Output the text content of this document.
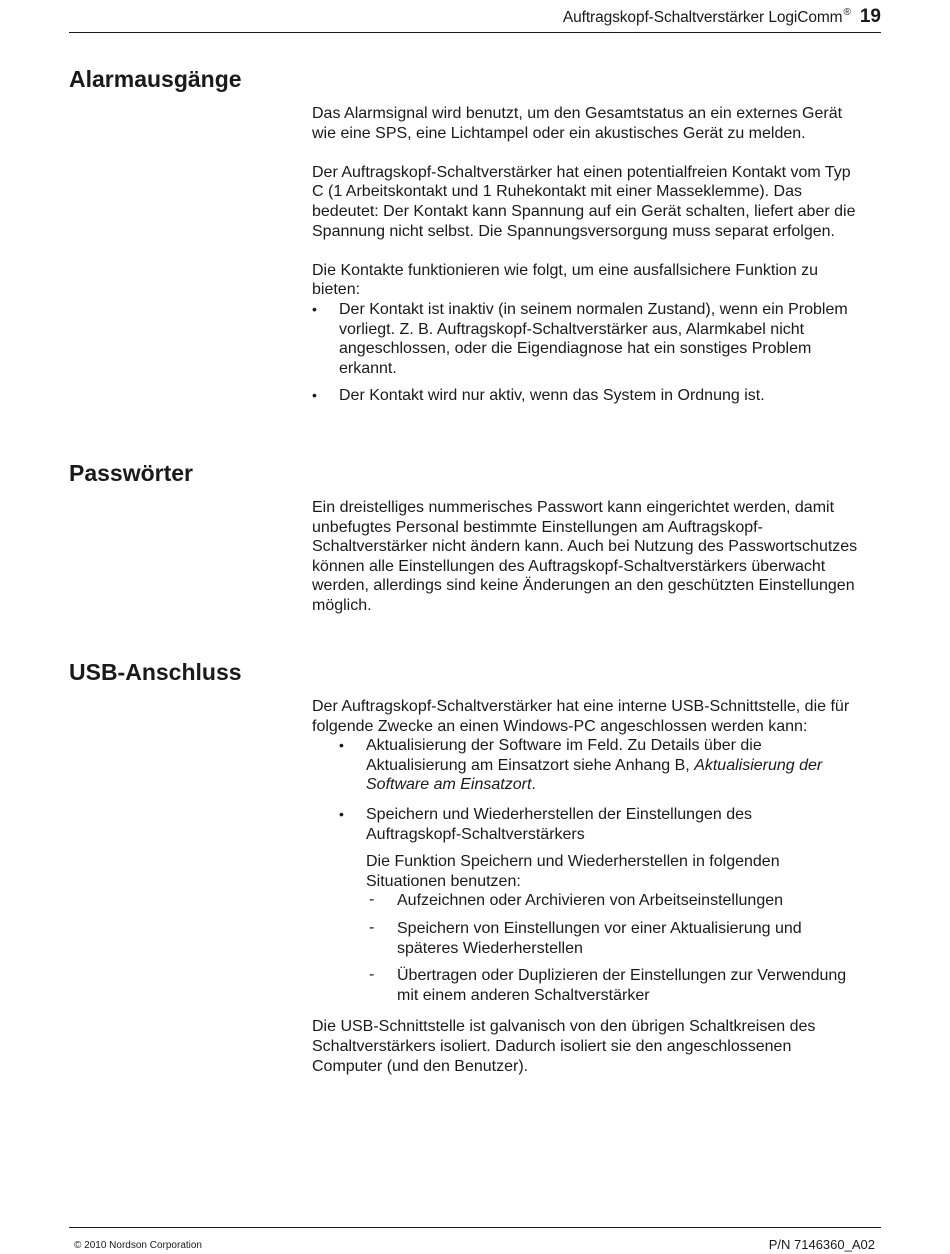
Auftragskopf-Schaltverstärker LogiComm® 19
Alarmausgänge

Das Alarmsignal wird benutzt, um den Gesamtstatus an ein externes Gerät
wie eine SPS, eine Lichtampel oder ein akustisches Gerät zu melden.

Der Auftragskopf-Schaltverstärker hat einen potentialfreien Kontakt vom Typ
C (1 Arbeitskontakt und 1 Ruhekontakt mit einer Masseklemme). Das
bedeutet: Der Kontakt kann Spannung auf ein Gerät schalten, liefert aber die
Spannung nicht selbst. Die Spannungsversorgung muss separat erfolgen.

Die Kontakte funktionieren wie folgt, um eine ausfallsichere Funktion zu
bieten:

• Der Kontakt ist inaktiv (in seinem normalen Zustand), wenn ein Problem
vorliegt. Z. B. Auftragskopf-Schaltverstärker aus, Alarmkabel nicht
angeschlossen, oder die Eigendiagnose hat ein sonstiges Problem
erkannt.
• Der Kontakt wird nur aktiv, wenn das System in Ordnung ist.
Passwörter

Ein dreistelliges nummerisches Passwort kann eingerichtet werden, damit
unbefugtes Personal bestimmte Einstellungen am Auftragskopf-
Schaltverstärker nicht ändern kann. Auch bei Nutzung des Passwortschutzes
können alle Einstellungen des Auftragskopf-Schaltverstärkers überwacht
werden, allerdings sind keine Änderungen an den geschützten Einstellungen
möglich.

USB-Anschluss

Der Auftragskopf-Schaltverstärker hat eine interne USB-Schnittstelle, die für
folgende Zwecke an einen Windows-PC angeschlossen werden kann:

• Aktualisierung der Software im Feld. Zu Details über die
Aktualisierung am Einsatzort siehe Anhang B, Aktualisierung der
Software am Einsatzort.
• Speichern und Wiederherstellen der Einstellungen des
Auftragskopf-Schaltverstärkers

Die Funktion Speichern und Wiederherstellen in folgenden
Situationen benutzen:

- Aufzeichnen oder Archivieren von Arbeitseinstellungen
- Speichern von Einstellungen vor einer Aktualisierung und
späteres Wiederherstellen
- Übertragen oder Duplizieren der Einstellungen zur Verwendung
mit einem anderen Schaltverstärker

Die USB-Schnittstelle ist galvanisch von den übrigen Schaltkreisen des
Schaltverstärkers isoliert. Dadurch isoliert sie den angeschlossenen
Computer (und den Benutzer).

© 2010 Nordson Corporation	P/N 7146360_A02
